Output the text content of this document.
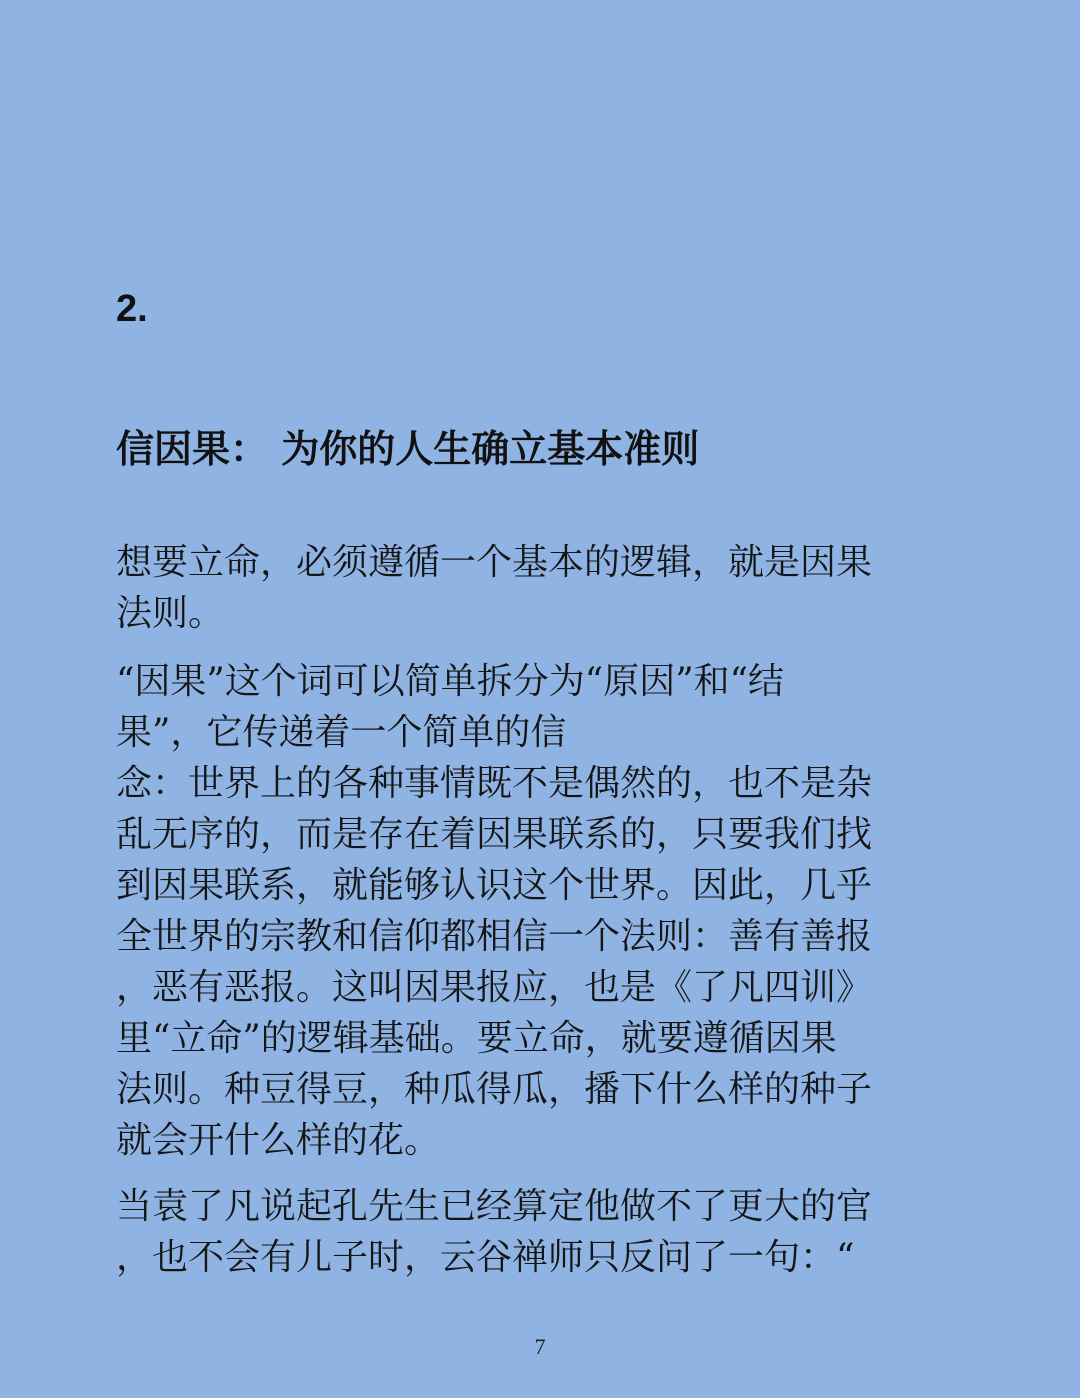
2.
信因果： 为你的人生确立基本准则

想要立命，必须遵循一个基本的逻辑，就是因果
法则。

“因果”这个词可以简单拆分为“原因”和“结
果”，它传递着一个简单的信
念：世界上的各种事情既不是偶然的，也不是杂
乱无序的，而是存在着因果联系的，只要我们找
到因果联系，就能够认识这个世界。因此，几乎
全世界的宗教和信仰都相信一个法则：善有善报
，恶有恶报。这叫因果报应，也是《了凡四训》
里“立命”的逻辑基础。要立命，就要遵循因果
法则。种豆得豆，种瓜得瓜，播下什么样的种子
就会开什么样的花。

当袁了凡说起孔先生已经算定他做不了更大的官
，也不会有儿子时，云谷禅师只反问了一句：“

7
